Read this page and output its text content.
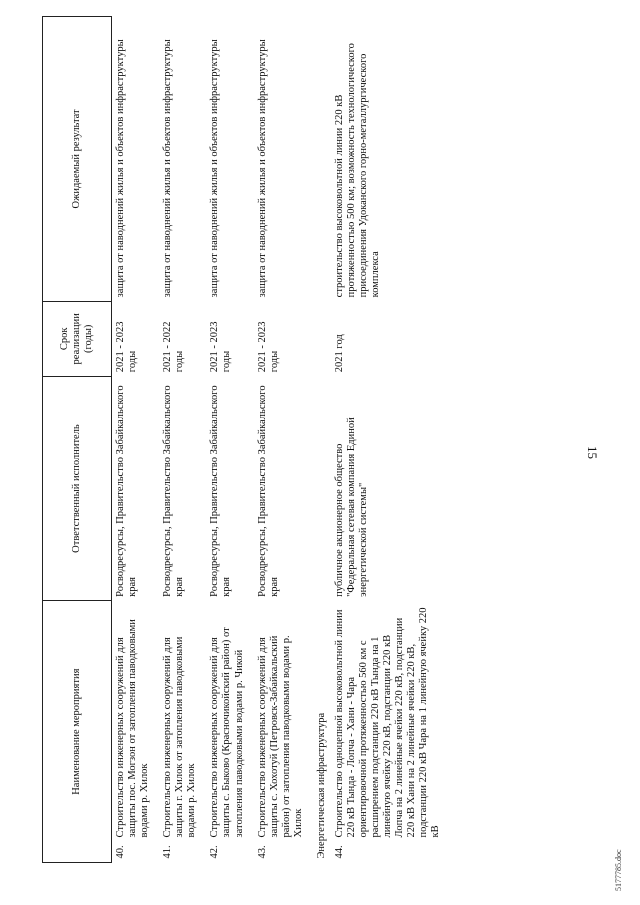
15
Наименование мероприятия		Ответственный исполнитель	Срок реализации (годы)	Ожидаемый результат
40.	Строительство инженерных сооружений для защиты пос. Могзон от затопления паводковыми водами р. Хилок	Росводресурсы, Правительство Забайкальского края	2021 - 2023 годы	защита от наводнений жилья и объектов инфраструктуры
41.	Строительство инженерных сооружений для защиты г. Хилок от затопления паводковыми водами р. Хилок	Росводресурсы, Правительство Забайкальского края	2021 - 2022 годы	защита от наводнений жилья и объектов инфраструктуры
42.	Строительство инженерных сооружений для защиты с. Быково (Красночикойский район) от затопления паводковыми водами р. Чикой	Росводресурсы, Правительство Забайкальского края	2021 - 2023 годы	защита от наводнений жилья и объектов инфраструктуры
43.	Строительство инженерных сооружений для защиты с. Хохотуй (Петровск-Забайкальский район) от затопления паводковыми водами р. Хилок	Росводресурсы, Правительство Забайкальского края	2021 - 2023 годы	защита от наводнений жилья и объектов инфраструктуры
Энергетическая инфраструктура				
44.	Строительство одноцепной высоковольтной линии 220 кВ Тында - Лопча - Хани - Чара ориентировочной протяженностью 560 км с расширением подстанции 220 кВ Тында на 1 линейную ячейку 220 кВ, подстанции 220 кВ Лопча на 2 линейные ячейки 220 кВ, подстанции 220 кВ Хани на 2 линейные ячейки 220 кВ, подстанции 220 кВ Чара на 1 линейную ячейку 220 кВ	публичное акционерное общество "Федеральная сетевая компания Единой энергетической системы"	2021 год	строительство высоковольтной линии 220 кВ протяженностью 500 км; возможность технологического присоединения Удоканского горно-металлургического комплекса
5177785.doc
